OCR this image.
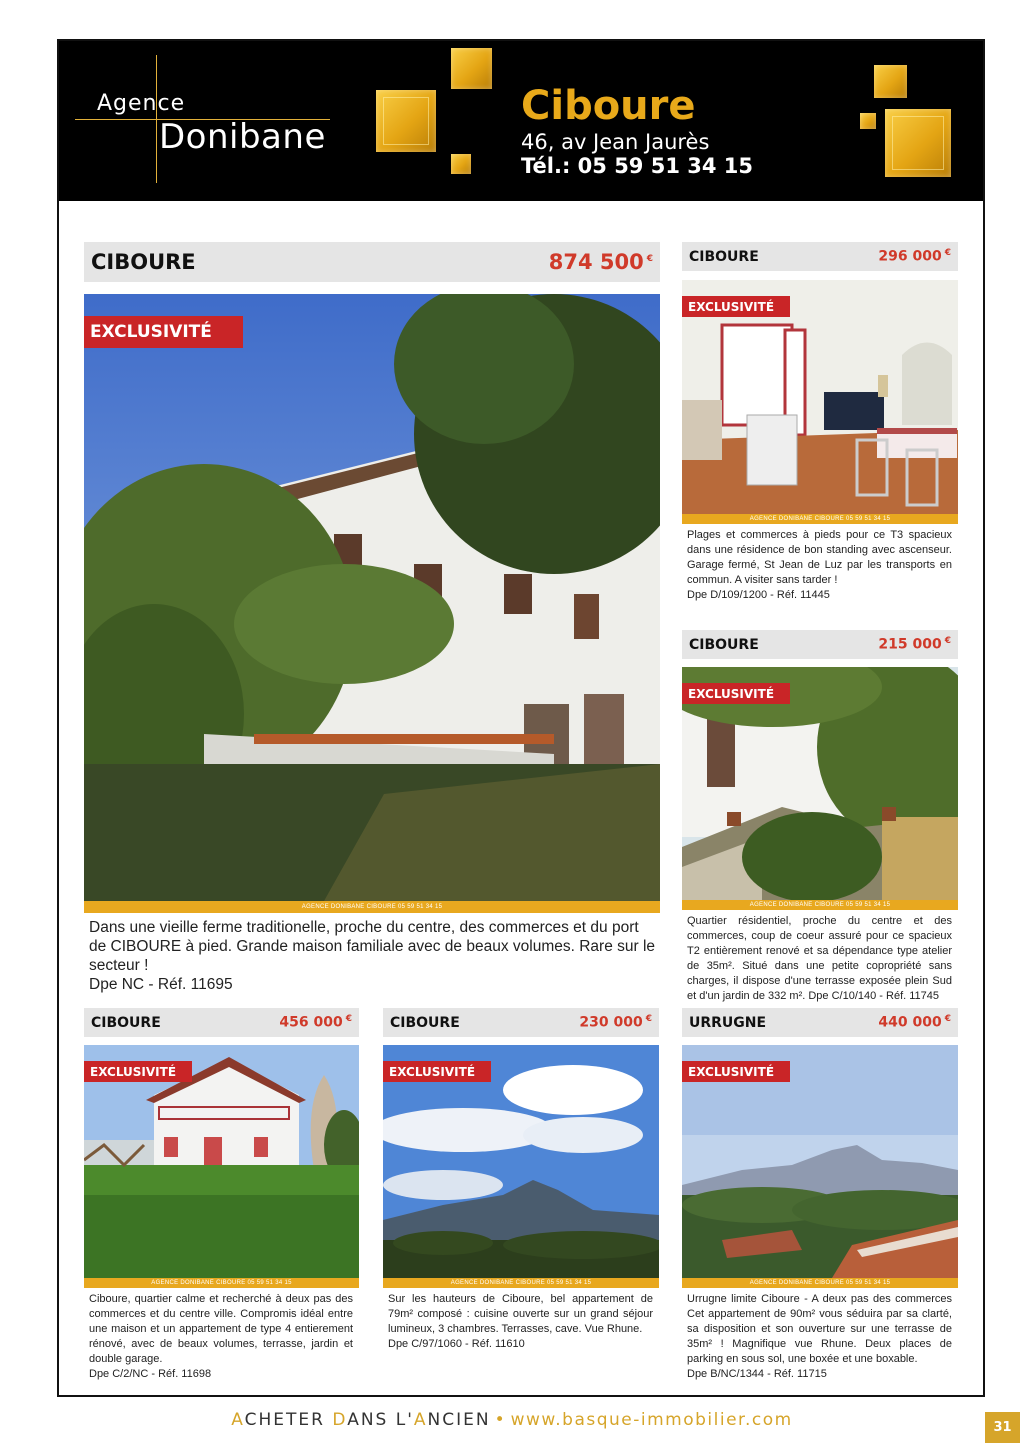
Agence
Donibane
Ciboure
46, av Jean Jaurès
Tél.: 05 59 51 34 15
CIBOURE	874 500 €
EXCLUSIVITÉ
AGENCE DONIBANE CIBOURE 05 59 51 34 15
Dans une vieille ferme traditionelle, proche du centre, des commerces et du port de CIBOURE à pied. Grande maison familiale avec de beaux volumes. Rare sur le secteur !
Dpe NC - Réf. 11695
CIBOURE	296 000 €
EXCLUSIVITÉ
AGENCE DONIBANE CIBOURE 05 59 51 34 15
Plages et commerces à pieds pour ce T3 spacieux dans une résidence de bon standing avec ascenseur. Garage fermé, St Jean de Luz par les transports en commun. A visiter sans tarder !
Dpe D/109/1200 - Réf. 11445
CIBOURE	215 000 €
EXCLUSIVITÉ
AGENCE DONIBANE CIBOURE 05 59 51 34 15
Quartier résidentiel, proche du centre et des commerces, coup de coeur assuré pour ce spacieux T2 entièrement renové et sa dépendance type atelier de 35m². Situé dans une petite copropriété sans charges, il dispose d'une terrasse exposée plein Sud et d'un jardin de 332 m². Dpe C/10/140 - Réf. 11745
CIBOURE	456 000 €
EXCLUSIVITÉ
AGENCE DONIBANE CIBOURE 05 59 51 34 15
Ciboure, quartier calme et recherché à deux pas des commerces et du centre ville. Compromis idéal entre une maison et un appartement de type 4 entierement rénové, avec de beaux volumes, terrasse, jardin et double garage.
Dpe C/2/NC - Réf. 11698
CIBOURE	230 000 €
EXCLUSIVITÉ
AGENCE DONIBANE CIBOURE 05 59 51 34 15
Sur les hauteurs de Ciboure, bel appartement de 79m² composé : cuisine ouverte sur un grand séjour lumineux, 3 chambres. Terrasses, cave. Vue Rhune.
Dpe C/97/1060 - Réf. 11610
URRUGNE	440 000 €
EXCLUSIVITÉ
AGENCE DONIBANE CIBOURE 05 59 51 34 15
Urrugne limite Ciboure - A deux pas des commerces Cet appartement de 90m² vous séduira par sa clarté, sa disposition et son ouverture sur une terrasse de 35m² ! Magnifique vue Rhune. Deux places de parking en sous sol, une boxée et une boxable.
Dpe B/NC/1344 - Réf. 11715
ACHETER DANS L'ANCIEN • www.basque-immobilier.com	31
